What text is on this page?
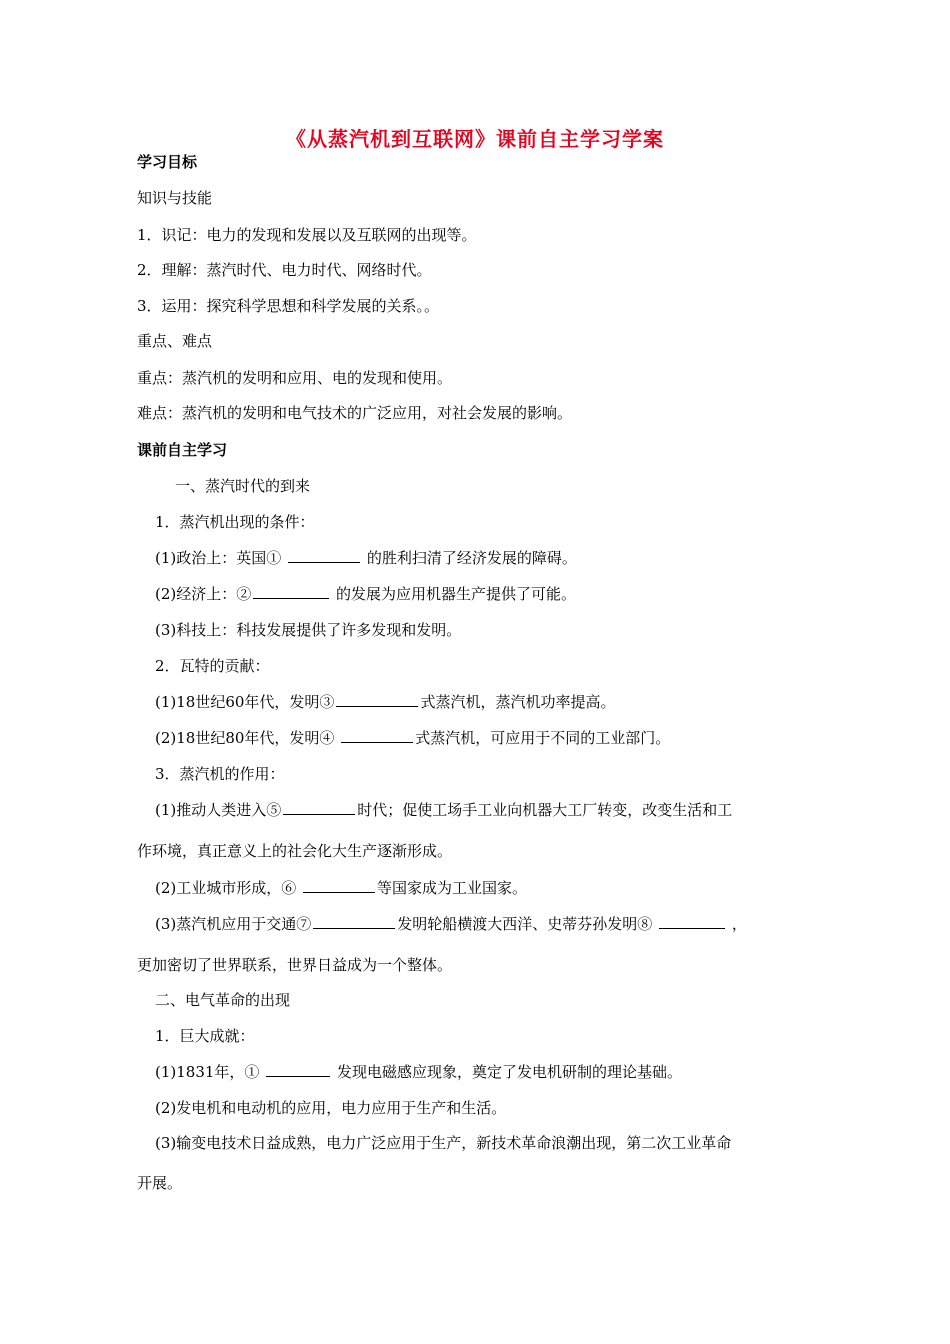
《从蒸汽机到互联网》课前自主学习学案
学习目标
知识与技能
1．识记：电力的发现和发展以及互联网的出现等。
2．理解：蒸汽时代、电力时代、网络时代。
3．运用：探究科学思想和科学发展的关系。。
重点、难点
重点：蒸汽机的发明和应用、电的发现和使用。
难点：蒸汽机的发明和电气技术的广泛应用，对社会发展的影响。
课前自主学习
一、蒸汽时代的到来
1．蒸汽机出现的条件：
(1)政治上：英国①	的胜利扫清了经济发展的障碍。
(2)经济上：②	的发展为应用机器生产提供了可能。
(3)科技上：科技发展提供了许多发现和发明。
2．瓦特的贡献：
(1)18世纪60年代，发明③	式蒸汽机，蒸汽机功率提高。
(2)18世纪80年代，发明④	式蒸汽机，可应用于不同的工业部门。
3．蒸汽机的作用：
(1)推动人类进入⑤	时代；促使工场手工业向机器大工厂转变，改变生活和工
作环境，真正意义上的社会化大生产逐渐形成。
(2)工业城市形成，⑥	等国家成为工业国家。
(3)蒸汽机应用于交通⑦	发明轮船横渡大西洋、史蒂芬孙发明⑧	，
更加密切了世界联系，世界日益成为一个整体。
二、电气革命的出现
1．巨大成就：
(1)1831年，①	发现电磁感应现象，奠定了发电机研制的理论基础。
(2)发电机和电动机的应用，电力应用于生产和生活。
(3)输变电技术日益成熟，电力广泛应用于生产，新技术革命浪潮出现，第二次工业革命
开展。
